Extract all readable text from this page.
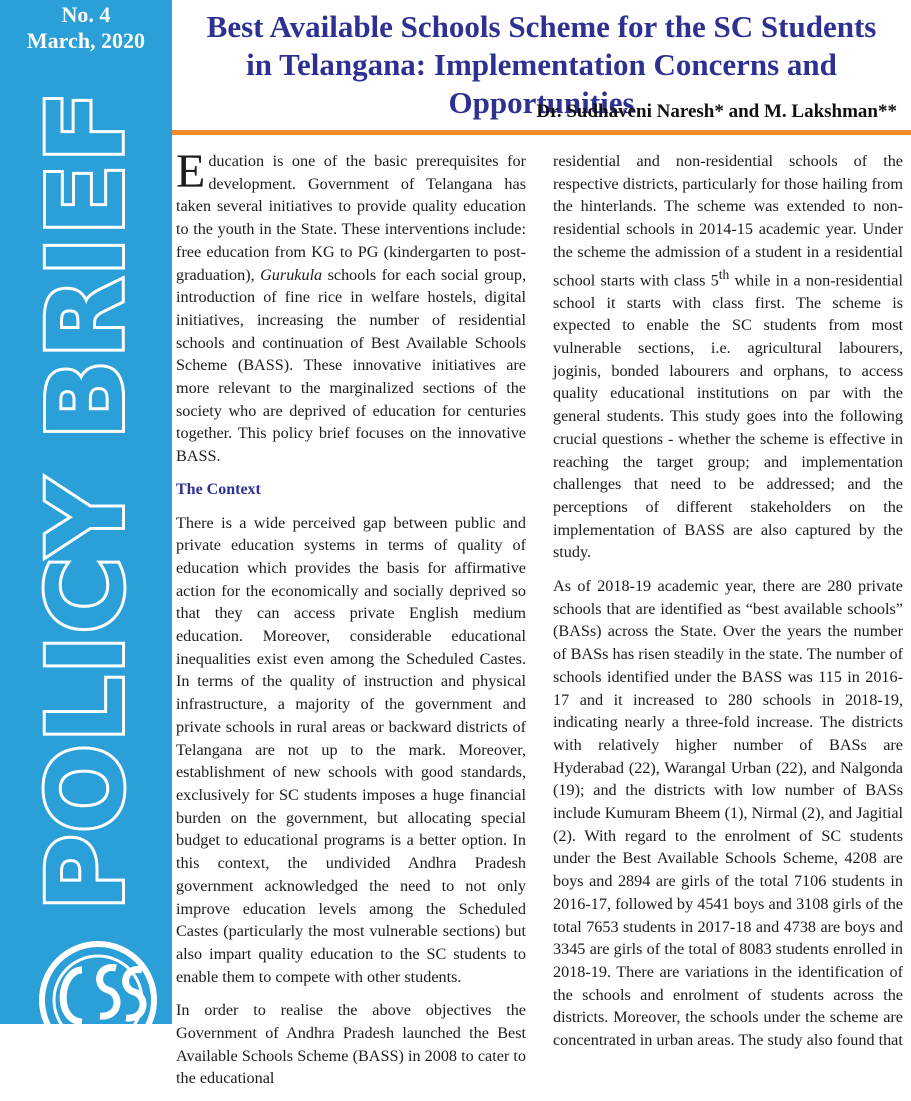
No. 4
March, 2020
POLICY BRIEF
Best Available Schools Scheme for the SC Students
in Telangana: Implementation Concerns and Opportunities
Dr. Sudhaveni Naresh* and M. Lakshman**

Education is one of the basic prerequisites for development. Government of Telangana has taken several initiatives to provide quality education to the youth in the State. These interventions include: free education from KG to PG (kindergarten to post-graduation), Gurukula schools for each social group, introduction of fine rice in welfare hostels, digital initiatives, increasing the number of residential schools and continuation of Best Available Schools Scheme (BASS). These innovative initiatives are more relevant to the marginalized sections of the society who are deprived of education for centuries together. This policy brief focuses on the innovative BASS.

The Context

There is a wide perceived gap between public and private education systems in terms of quality of education which provides the basis for affirmative action for the economically and socially deprived so that they can access private English medium education. Moreover, considerable educational inequalities exist even among the Scheduled Castes. In terms of the quality of instruction and physical infrastructure, a majority of the government and private schools in rural areas or backward districts of Telangana are not up to the mark. Moreover, establishment of new schools with good standards, exclusively for SC students imposes a huge financial burden on the government, but allocating special budget to educational programs is a better option. In this context, the undivided Andhra Pradesh government acknowledged the need to not only improve education levels among the Scheduled Castes (particularly the most vulnerable sections) but also impart quality education to the SC students to enable them to compete with other students.

In order to realise the above objectives the Government of Andhra Pradesh launched the Best Available Schools Scheme (BASS) in 2008 to cater to the educational

residential and non-residential schools of the respective districts, particularly for those hailing from the hinterlands. The scheme was extended to non-residential schools in 2014-15 academic year. Under the scheme the admission of a student in a residential school starts with class 5th while in a non-residential school it starts with class first. The scheme is expected to enable the SC students from most vulnerable sections, i.e. agricultural labourers, joginis, bonded labourers and orphans, to access quality educational institutions on par with the general students. This study goes into the following crucial questions - whether the scheme is effective in reaching the target group; and implementation challenges that need to be addressed; and the perceptions of different stakeholders on the implementation of BASS are also captured by the study.

As of 2018-19 academic year, there are 280 private schools that are identified as “best available schools” (BASs) across the State. Over the years the number of BASs has risen steadily in the state. The number of schools identified under the BASS was 115 in 2016-17 and it increased to 280 schools in 2018-19, indicating nearly a three-fold increase. The districts with relatively higher number of BASs are Hyderabad (22), Warangal Urban (22), and Nalgonda (19); and the districts with low number of BASs include Kumuram Bheem (1), Nirmal (2), and Jagitial (2). With regard to the enrolment of SC students under the Best Available Schools Scheme, 4208 are boys and 2894 are girls of the total 7106 students in 2016-17, followed by 4541 boys and 3108 girls of the total 7653 students in 2017-18 and 4738 are boys and 3345 are girls of the total of 8083 students enrolled in 2018-19. There are variations in the identification of the schools and enrolment of students across the districts. Moreover, the schools under the scheme are concentrated in urban areas. The study also found that
